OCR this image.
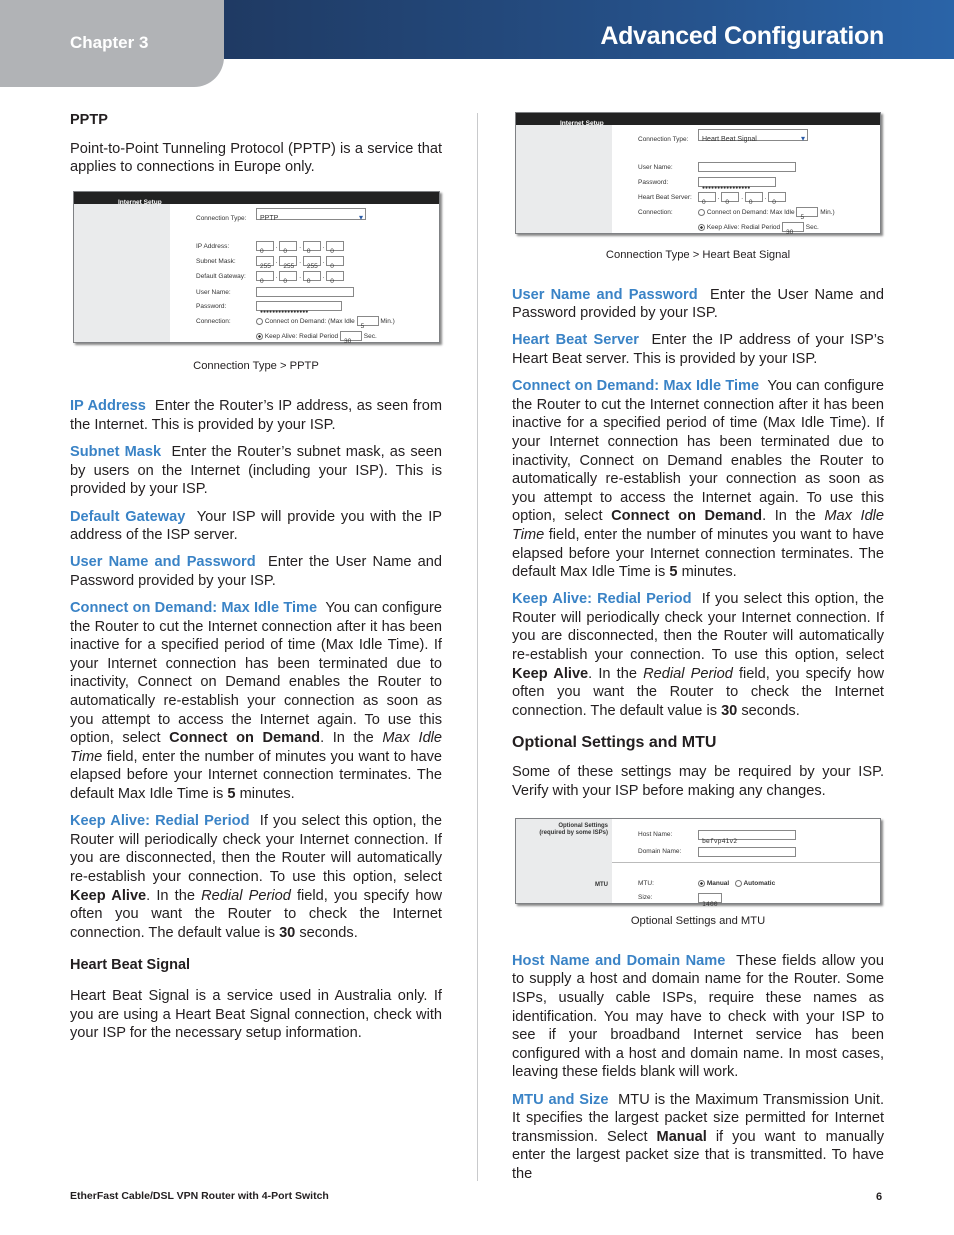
Chapter 3	Advanced Configuration
PPTP

Point-to-Point Tunneling Protocol (PPTP) is a service that applies to connections in Europe only.

Internet Setup
Connection Type: PPTP ▾
IP Address:0 . 0 . 0 . 0
Subnet Mask:255 . 255 . 255 . 0
Default Gateway:0 . 0 . 0 . 0
User Name:
Password:●●●●●●●●●●●●●●●●
Connection:	Connect on Demand: (Max Idle 5 Min.)
Keep Alive: Redial Period 30 Sec.
Connection Type > PPTP

IP Address Enter the Router’s IP address, as seen from the Internet. This is provided by your ISP.

Subnet Mask Enter the Router’s subnet mask, as seen by users on the Internet (including your ISP). This is provided by your ISP.

Default Gateway Your ISP will provide you with the IP address of the ISP server.

User Name and Password Enter the User Name and Password provided by your ISP.

Connect on Demand: Max Idle Time You can configure the Router to cut the Internet connection after it has been inactive for a specified period of time (Max Idle Time). If your Internet connection has been terminated due to inactivity, Connect on Demand enables the Router to automatically re-establish your connection as soon as you attempt to access the Internet again. To use this option, select Connect on Demand. In the Max Idle Time field, enter the number of minutes you want to have elapsed before your Internet connection terminates. The default Max Idle Time is 5 minutes.

Keep Alive: Redial Period If you select this option, the Router will periodically check your Internet connection. If you are disconnected, then the Router will automatically re-establish your connection. To use this option, select Keep Alive. In the Redial Period field, you specify how often you want the Router to check the Internet connection. The default value is 30 seconds.

Heart Beat Signal

Heart Beat Signal is a service used in Australia only. If you are using a Heart Beat Signal connection, check with your ISP for the necessary setup information.

Internet Setup
Connection Type: Heart Beat Signal ▾
User Name:
Password:●●●●●●●●●●●●●●●●
Heart Beat Server:0 . 0 . 0 . 0
Connection:	Connect on Demand: Max Idle 5 Min.)
Keep Alive: Redial Period 30 Sec.
Connection Type > Heart Beat Signal

User Name and Password Enter the User Name and Password provided by your ISP.

Heart Beat Server Enter the IP address of your ISP’s Heart Beat server. This is provided by your ISP.

Connect on Demand: Max Idle Time You can configure the Router to cut the Internet connection after it has been inactive for a specified period of time (Max Idle Time). If your Internet connection has been terminated due to inactivity, Connect on Demand enables the Router to automatically re-establish your connection as soon as you attempt to access the Internet again. To use this option, select Connect on Demand. In the Max Idle Time field, enter the number of minutes you want to have elapsed before your Internet connection terminates. The default Max Idle Time is 5 minutes.

Keep Alive: Redial Period If you select this option, the Router will periodically check your Internet connection. If you are disconnected, then the Router will automatically re-establish your connection. To use this option, select Keep Alive. In the Redial Period field, you specify how often you want the Router to check the Internet connection. The default value is 30 seconds.

Optional Settings and MTU

Some of these settings may be required by your ISP. Verify with your ISP before making any changes.

Optional Settings
(required by some ISPs)
MTU
Host Name:befvp41v2
Domain Name:
MTU:	Manual Automatic
Size:1400
Optional Settings and MTU

Host Name and Domain Name These fields allow you to supply a host and domain name for the Router. Some ISPs, usually cable ISPs, require these names as identification. You may have to check with your ISP to see if your broadband Internet service has been configured with a host and domain name. In most cases, leaving these fields blank will work.

MTU and Size MTU is the Maximum Transmission Unit. It specifies the largest packet size permitted for Internet transmission. Select Manual if you want to manually enter the largest packet size that is transmitted. To have the

EtherFast Cable/DSL VPN Router with 4-Port Switch	6
